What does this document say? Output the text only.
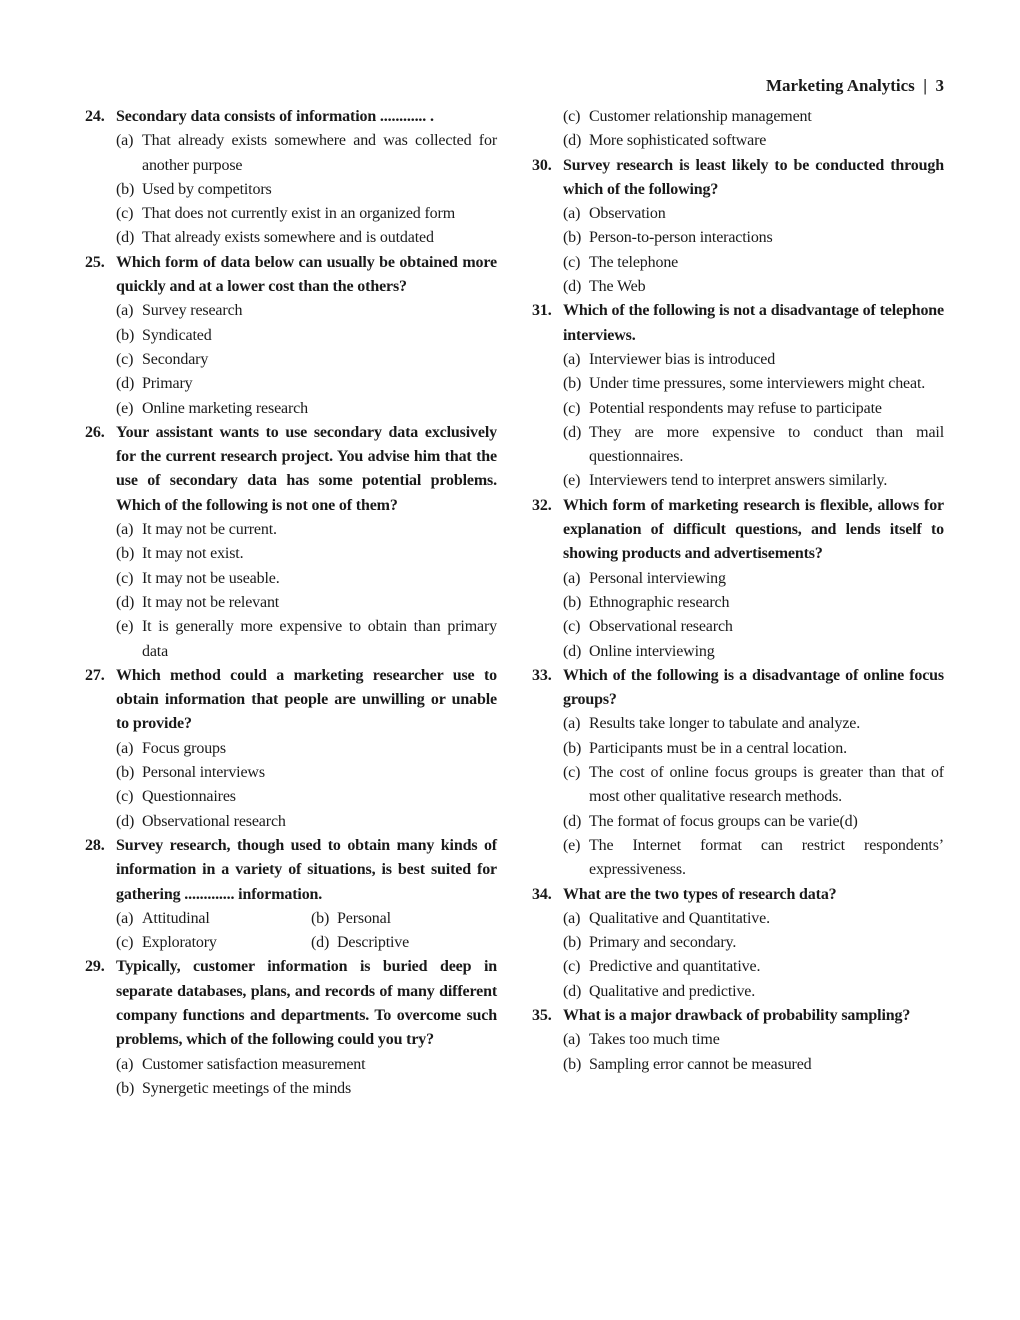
Marketing Analytics | 3
24. Secondary data consists of information ............ .
(a) That already exists somewhere and was collected for another purpose
(b) Used by competitors
(c) That does not currently exist in an organized form
(d) That already exists somewhere and is outdated
25. Which form of data below can usually be obtained more quickly and at a lower cost than the others?
(a) Survey research
(b) Syndicated
(c) Secondary
(d) Primary
(e) Online marketing research
26. Your assistant wants to use secondary data exclusively for the current research project. You advise him that the use of secondary data has some potential problems. Which of the following is not one of them?
(a) It may not be current.
(b) It may not exist.
(c) It may not be useable.
(d) It may not be relevant
(e) It is generally more expensive to obtain than primary data
27. Which method could a marketing researcher use to obtain information that people are unwilling or unable to provide?
(a) Focus groups
(b) Personal interviews
(c) Questionnaires
(d) Observational research
28. Survey research, though used to obtain many kinds of information in a variety of situations, is best suited for gathering ............. information.
(a) Attitudinal	(b) Personal
(c) Exploratory	(d) Descriptive
29. Typically, customer information is buried deep in separate databases, plans, and records of many different company functions and departments. To overcome such problems, which of the following could you try?
(a) Customer satisfaction measurement
(b) Synergetic meetings of the minds
(c) Customer relationship management
(d) More sophisticated software
30. Survey research is least likely to be conducted through which of the following?
(a) Observation
(b) Person-to-person interactions
(c) The telephone
(d) The Web
31. Which of the following is not a disadvantage of telephone interviews.
(a) Interviewer bias is introduced
(b) Under time pressures, some interviewers might cheat.
(c) Potential respondents may refuse to participate
(d) They are more expensive to conduct than mail questionnaires.
(e) Interviewers tend to interpret answers similarly.
32. Which form of marketing research is flexible, allows for explanation of difficult questions, and lends itself to showing products and advertisements?
(a) Personal interviewing
(b) Ethnographic research
(c) Observational research
(d) Online interviewing
33. Which of the following is a disadvantage of online focus groups?
(a) Results take longer to tabulate and analyze.
(b) Participants must be in a central location.
(c) The cost of online focus groups is greater than that of most other qualitative research methods.
(d) The format of focus groups can be varie(d)
(e) The Internet format can restrict respondents’ expressiveness.
34. What are the two types of research data?
(a) Qualitative and Quantitative.
(b) Primary and secondary.
(c) Predictive and quantitative.
(d) Qualitative and predictive.
35. What is a major drawback of probability sampling?
(a) Takes too much time
(b) Sampling error cannot be measured
